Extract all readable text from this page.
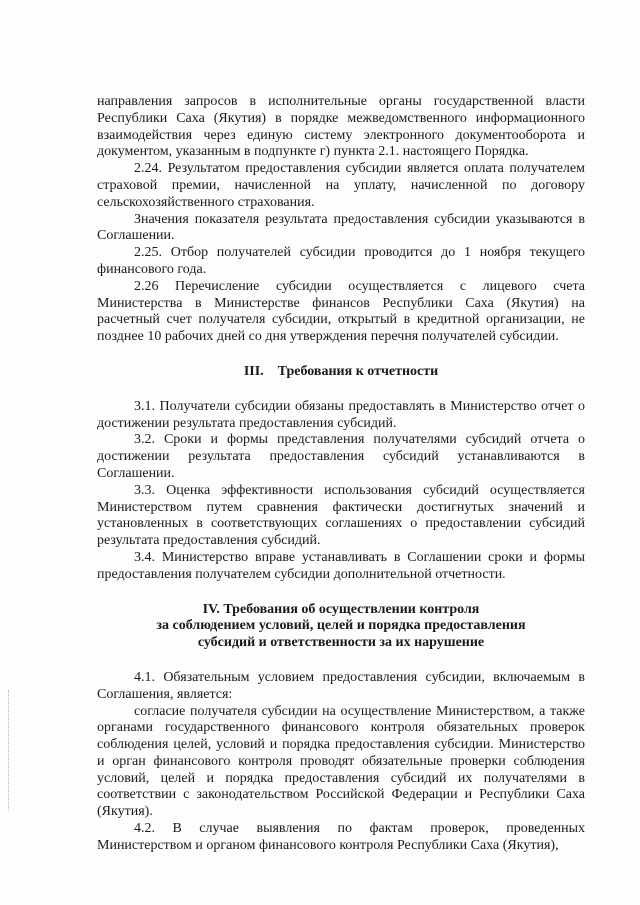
направления запросов в исполнительные органы государственной власти Республики Саха (Якутия) в порядке межведомственного информационного взаимодействия через единую систему электронного документооборота и документом, указанным в подпункте г) пункта 2.1. настоящего Порядка.

2.24. Результатом предоставления субсидии является оплата получателем страховой премии, начисленной на уплату, начисленной по договору сельскохозяйственного страхования.

Значения показателя результата предоставления субсидии указываются в Соглашении.

2.25. Отбор получателей субсидии проводится до 1 ноября текущего финансового года.

2.26 Перечисление субсидии осуществляется с лицевого счета Министерства в Министерстве финансов Республики Саха (Якутия) на расчетный счет получателя субсидии, открытый в кредитной организации, не позднее 10 рабочих дней со дня утверждения перечня получателей субсидии.

III.    Требования к отчетности

3.1. Получатели субсидии обязаны предоставлять в Министерство отчет о достижении результата предоставления субсидий.

3.2. Сроки и формы представления получателями субсидий отчета о достижении результата предоставления субсидий устанавливаются в Соглашении.

3.3. Оценка эффективности использования субсидий осуществляется Министерством путем сравнения фактически достигнутых значений и установленных в соответствующих соглашениях о предоставлении субсидий результата предоставления субсидий.

3.4. Министерство вправе устанавливать в Соглашении сроки и формы предоставления получателем субсидии дополнительной отчетности.

IV. Требования об осуществлении контроля

за соблюдением условий, целей и порядка предоставления

субсидий и ответственности за их нарушение

4.1. Обязательным условием предоставления субсидии, включаемым в Соглашения, является:

согласие получателя субсидии на осуществление Министерством, а также органами государственного финансового контроля обязательных проверок соблюдения целей, условий и порядка предоставления субсидии. Министерство и орган финансового контроля проводят обязательные проверки соблюдения условий, целей и порядка предоставления субсидий их получателями в соответствии с законодательством Российской Федерации и Республики Саха (Якутия).

4.2. В случае выявления по фактам проверок, проведенных Министерством и органом финансового контроля Республики Саха (Якутия),
